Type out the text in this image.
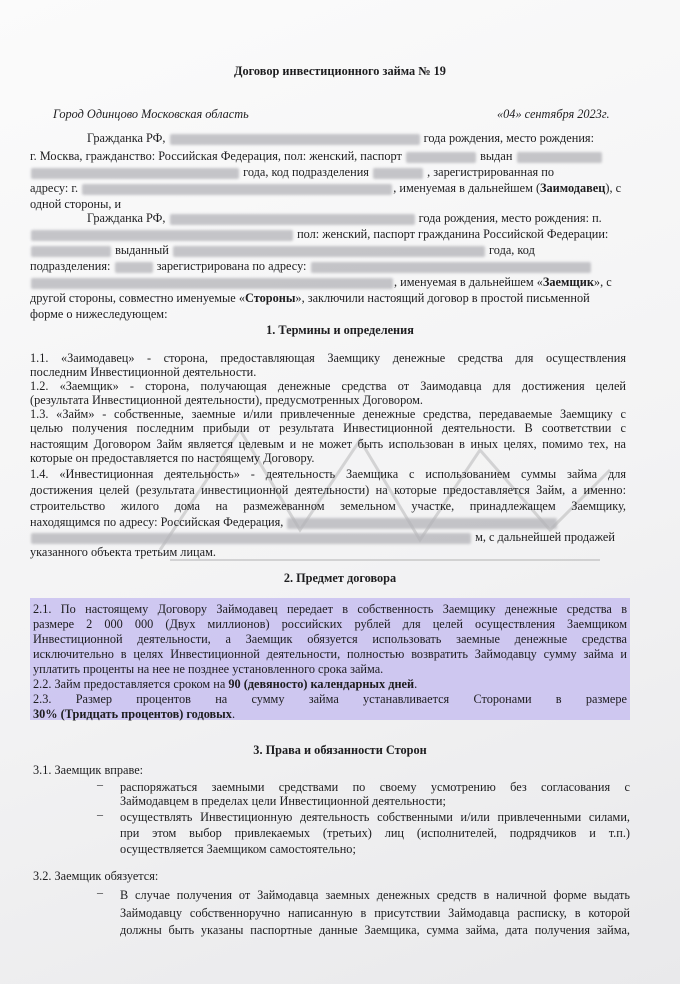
Договор инвестиционного займа № 19
Город Одинцово Московская область	«04» сентября 2023г.
Гражданка РФ,	года рождения, место рождения:
г. Москва, гражданство: Российская Федерация, пол: женский, паспорт	выдан
года, код подразделения	, зарегистрированная по
адресу: г.	, именуемая в дальнейшем (Заимодавец), с
одной стороны, и
Гражданка РФ,	года рождения, место рождения: п.
пол: женский, паспорт гражданина Российской Федерации:
выданный	года, код
подразделения:	зарегистрирована по адресу:
, именуемая в дальнейшем «Заемщик», с
другой стороны, совместно именуемые «Стороны», заключили настоящий договор в простой письменной
форме о нижеследующем:
1. Термины и определения
1.1. «Заимодавец» - сторона, предоставляющая Заемщику денежные средства для осуществления
последним Инвестиционной деятельности.
1.2. «Заемщик» - сторона, получающая денежные средства от Заимодавца для достижения целей
(результата Инвестиционной деятельности), предусмотренных Договором.
1.3. «Займ» - собственные, заемные и/или привлеченные денежные средства, передаваемые Заемщику с
целью получения последним прибыли от результата Инвестиционной деятельности. В соответствии с
настоящим Договором Займ является целевым и не может быть использован в иных целях, помимо тех, на
которые он предоставляется по настоящему Договору.
1.4. «Инвестиционная деятельность» - деятельность Заемщика с использованием суммы займа для
достижения целей (результата инвестиционной деятельности) на которые предоставляется Займ, а именно:
строительство жилого дома на размежеванном земельном участке, принадлежащем Заемщику,
находящимся по адресу: Российская Федерация,
м, с дальнейшей продажей
указанного объекта третьим лицам.
2. Предмет договора
2.1. По настоящему Договору Займодавец передает в собственность Заемщику денежные средства в
размере 2 000 000 (Двух миллионов) российских рублей для целей осуществления Заемщиком
Инвестиционной деятельности, а Заемщик обязуется использовать заемные денежные средства
исключительно в целях Инвестиционной деятельности, полностью возвратить Займодавцу сумму займа и
уплатить проценты на нее не позднее установленного срока займа.
2.2. Займ предоставляется сроком на 90 (девяносто) календарных дней.
2.3. Размер процентов на сумму займа устанавливается Сторонами в размере
30% (Тридцать процентов) годовых.
3. Права и обязанности Сторон
3.1. Заемщик вправе:
– распоряжаться заемными средствами по своему усмотрению без согласования с
Займодавцем в пределах цели Инвестиционной деятельности;
– осуществлять Инвестиционную деятельность собственными и/или привлеченными силами,
при этом выбор привлекаемых (третьих) лиц (исполнителей, подрядчиков и т.п.)
осуществляется Заемщиком самостоятельно;
3.2. Заемщик обязуется:
– В случае получения от Займодавца заемных денежных средств в наличной форме выдать
Займодавцу собственноручно написанную в присутствии Займодавца расписку, в которой
должны быть указаны паспортные данные Заемщика, сумма займа, дата получения займа,
